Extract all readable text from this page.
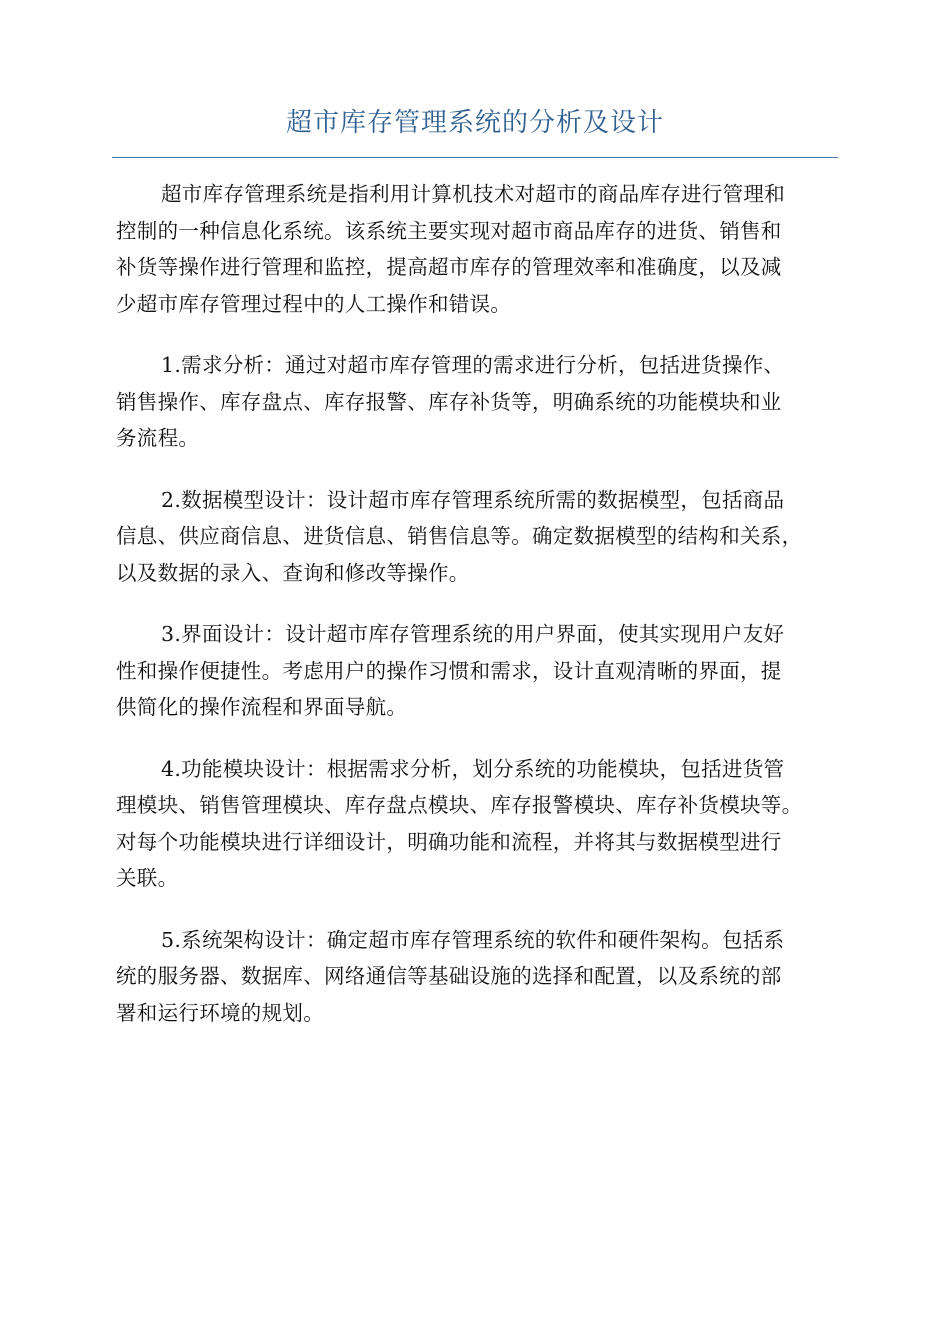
超市库存管理系统的分析及设计
超市库存管理系统是指利用计算机技术对超市的商品库存进行管理和
控制的一种信息化系统。该系统主要实现对超市商品库存的进货、销售和
补货等操作进行管理和监控，提高超市库存的管理效率和准确度，以及减
少超市库存管理过程中的人工操作和错误。
1.需求分析：通过对超市库存管理的需求进行分析，包括进货操作、
销售操作、库存盘点、库存报警、库存补货等，明确系统的功能模块和业
务流程。
2.数据模型设计：设计超市库存管理系统所需的数据模型，包括商品
信息、供应商信息、进货信息、销售信息等。确定数据模型的结构和关系，
以及数据的录入、查询和修改等操作。
3.界面设计：设计超市库存管理系统的用户界面，使其实现用户友好
性和操作便捷性。考虑用户的操作习惯和需求，设计直观清晰的界面，提
供简化的操作流程和界面导航。
4.功能模块设计：根据需求分析，划分系统的功能模块，包括进货管
理模块、销售管理模块、库存盘点模块、库存报警模块、库存补货模块等。
对每个功能模块进行详细设计，明确功能和流程，并将其与数据模型进行
关联。
5.系统架构设计：确定超市库存管理系统的软件和硬件架构。包括系
统的服务器、数据库、网络通信等基础设施的选择和配置，以及系统的部
署和运行环境的规划。
